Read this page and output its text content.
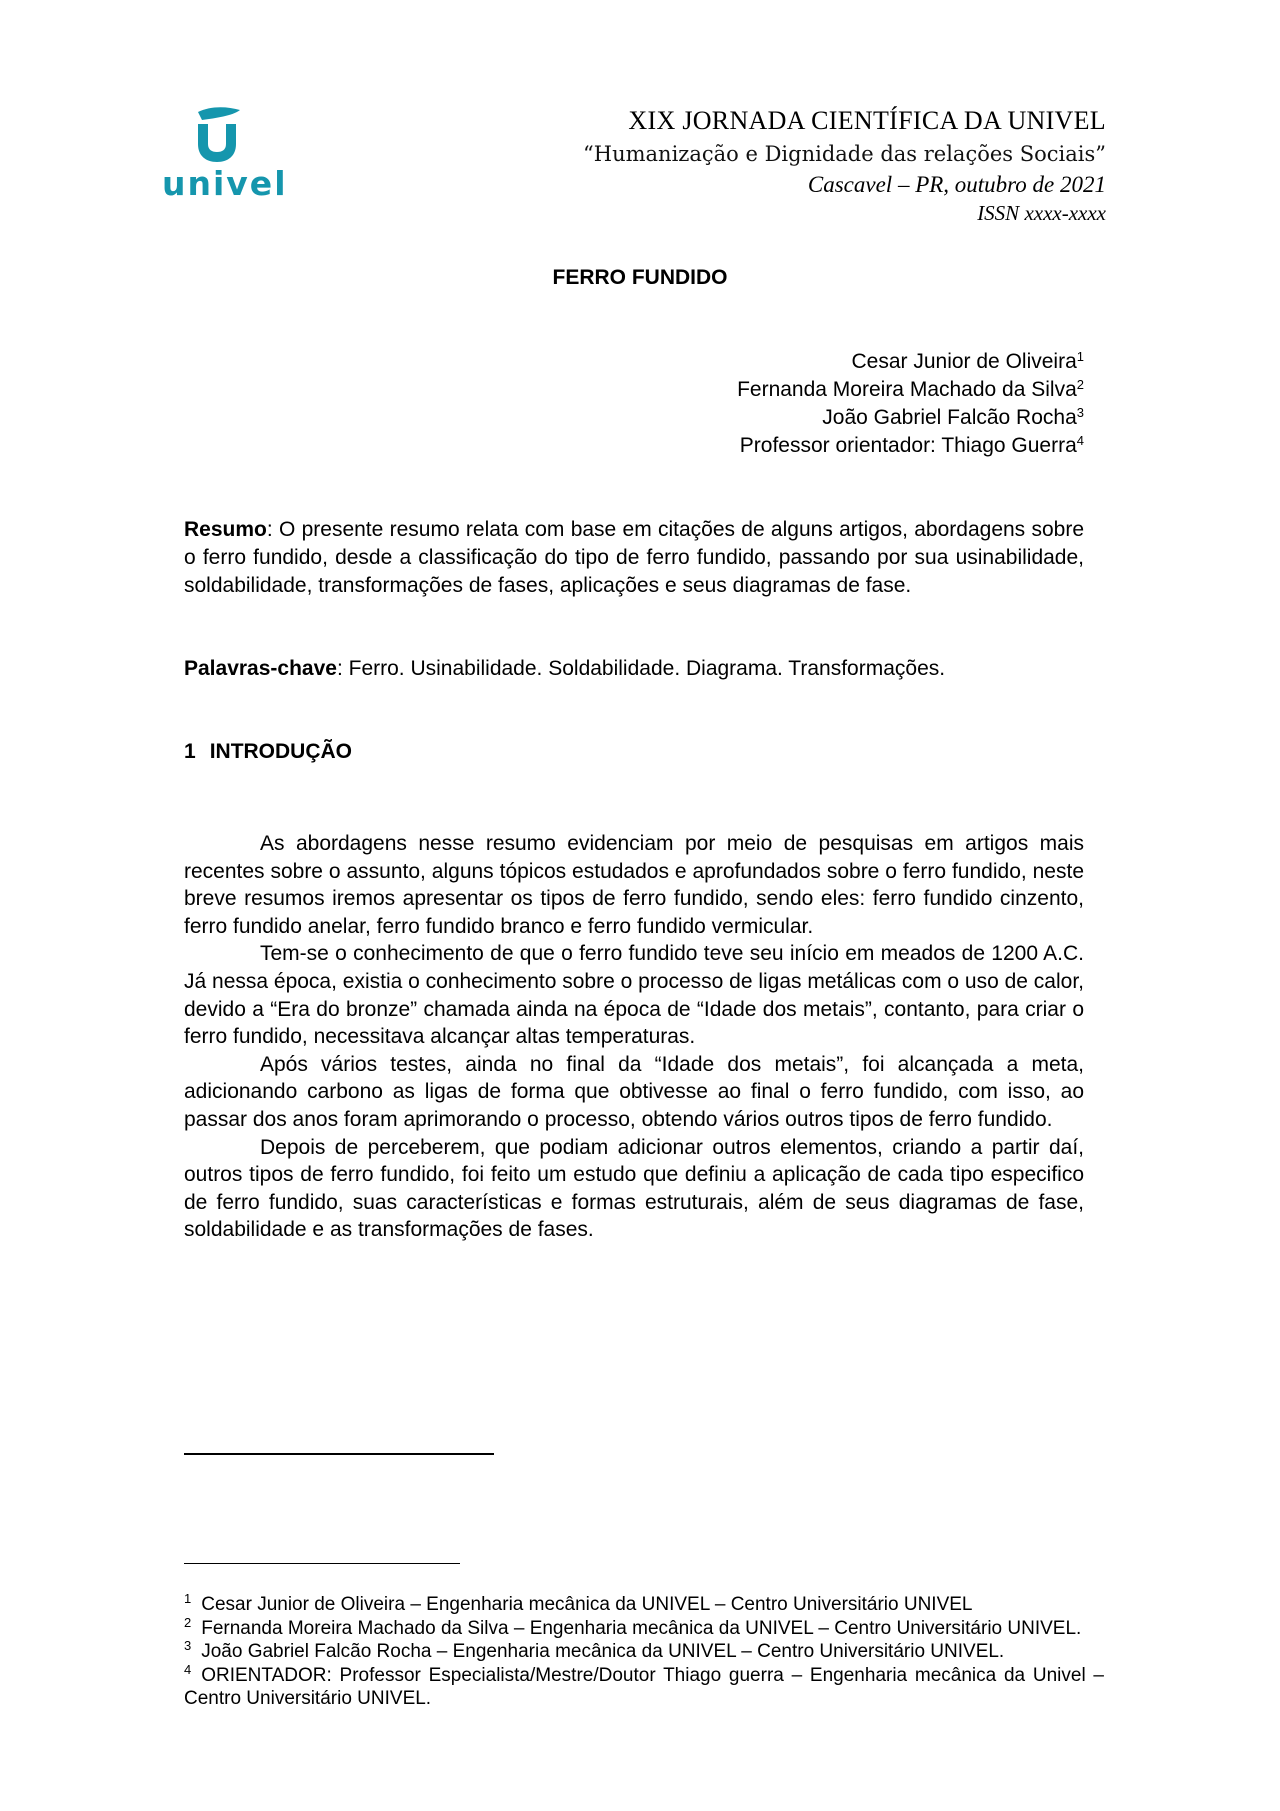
univel
XIX JORNADA CIENTÍFICA DA UNIVEL
“Humanização e Dignidade das relações Sociais”
Cascavel – PR, outubro de 2021
ISSN xxxx-xxxx
FERRO FUNDIDO
Cesar Junior de Oliveira$^1$
Fernanda Moreira Machado da Silva$^2$
João Gabriel Falcão Rocha$^3$
Professor orientador: Thiago Guerra$^4$

Resumo: O presente resumo relata com base em citações de alguns artigos, abordagens sobre o ferro fundido, desde a classificação do tipo de ferro fundido, passando por sua usinabilidade, soldabilidade, transformações de fases, aplicações e seus diagramas de fase.

Palavras-chave: Ferro. Usinabilidade. Soldabilidade. Diagrama. Transformações.

1 INTRODUÇÃO

As abordagens nesse resumo evidenciam por meio de pesquisas em artigos mais recentes sobre o assunto, alguns tópicos estudados e aprofundados sobre o ferro fundido, neste breve resumos iremos apresentar os tipos de ferro fundido, sendo eles: ferro fundido cinzento, ferro fundido anelar, ferro fundido branco e ferro fundido vermicular.

Tem-se o conhecimento de que o ferro fundido teve seu início em meados de 1200 A.C. Já nessa época, existia o conhecimento sobre o processo de ligas metálicas com o uso de calor, devido a “Era do bronze” chamada ainda na época de “Idade dos metais”, contanto, para criar o ferro fundido, necessitava alcançar altas temperaturas.

Após vários testes, ainda no final da “Idade dos metais”, foi alcançada a meta, adicionando carbono as ligas de forma que obtivesse ao final o ferro fundido, com isso, ao passar dos anos foram aprimorando o processo, obtendo vários outros tipos de ferro fundido.

Depois de perceberem, que podiam adicionar outros elementos, criando a partir daí, outros tipos de ferro fundido, foi feito um estudo que definiu a aplicação de cada tipo especifico de ferro fundido, suas características e formas estruturais, além de seus diagramas de fase, soldabilidade e as transformações de fases.

$^1$ Cesar Junior de Oliveira – Engenharia mecânica da UNIVEL – Centro Universitário UNIVEL

$^2$ Fernanda Moreira Machado da Silva – Engenharia mecânica da UNIVEL – Centro Universitário UNIVEL.

$^3$ João Gabriel Falcão Rocha – Engenharia mecânica da UNIVEL – Centro Universitário UNIVEL.

$^4$ ORIENTADOR: Professor Especialista/Mestre/Doutor Thiago guerra – Engenharia mecânica da Univel – Centro Universitário UNIVEL.
